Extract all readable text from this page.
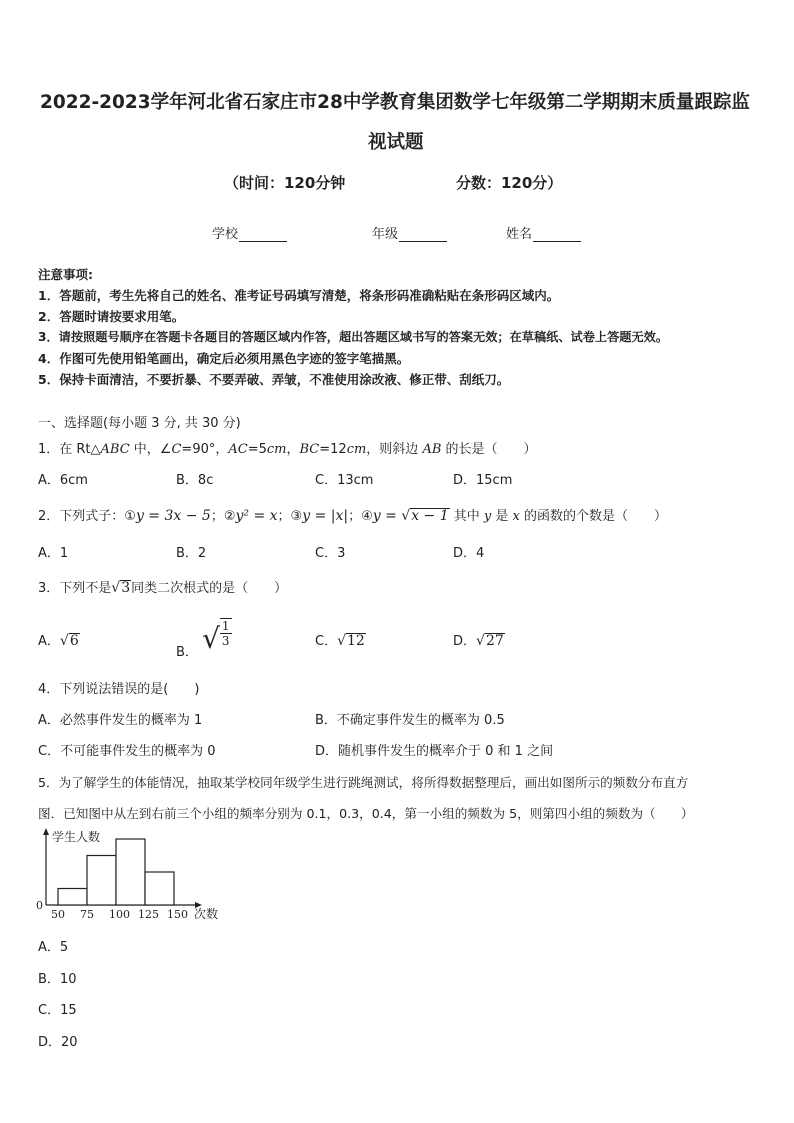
2022-2023学年河北省石家庄市28中学教育集团数学七年级第二学期期末质量跟踪监
视试题
（时间：120分钟	分数：120分）
学校	年级	姓名
注意事项:
1．答题前，考生先将自己的姓名、准考证号码填写清楚，将条形码准确粘贴在条形码区域内。
2．答题时请按要求用笔。
3．请按照题号顺序在答题卡各题目的答题区域内作答，超出答题区域书写的答案无效；在草稿纸、试卷上答题无效。
4．作图可先使用铅笔画出，确定后必须用黑色字迹的签字笔描黑。
5．保持卡面清洁，不要折暴、不要弄破、弄皱，不准使用涂改液、修正带、刮纸刀。
一、选择题(每小题 3 分, 共 30 分)
1．在 Rt△ABC 中，∠C=90°，AC=5cm，BC=12cm，则斜边 AB 的长是（　　）
A．6cm	B．8c	C．13cm	D．15cm
2．下列式子：①y = 3x − 5；②y² = x；③y = |x|；④y = √x − 1 其中 y 是 x 的函数的个数是（　　）
A．1	B．2	C．3	D．4
3．下列不是√3同类二次根式的是（　　）
A．√6
B． √ $\frac{1}{3}$	C．√12	D．√27
4．下列说法错误的是(　　)
A．必然事件发生的概率为 1	B．不确定事件发生的概率为 0.5
C．不可能事件发生的概率为 0	D．随机事件发生的概率介于 0 和 1 之间
5．为了解学生的体能情况，抽取某学校同年级学生进行跳绳测试，将所得数据整理后，画出如图所示的频数分布直方
图．已知图中从左到右前三个小组的频率分别为 0.1，0.3，0.4，第一小组的频数为 5，则第四小组的频数为（　　）
0
50 75 100 125 150
学生人数
次数
A．5
B．10
C．15
D．20
